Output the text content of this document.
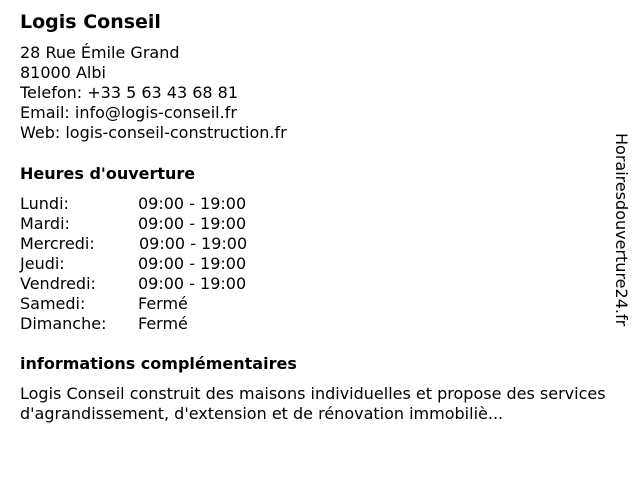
Logis Conseil
28 Rue Émile Grand
81000 Albi
Telefon: +33 5 63 43 68 81
Email: info@logis-conseil.fr
Web: logis-conseil-construction.fr
Heures d'ouverture
Lundi:	09:00 - 19:00
Mardi:	09:00 - 19:00
Mercredi:	09:00 - 19:00
Jeudi:	09:00 - 19:00
Vendredi:	09:00 - 19:00
Samedi:	Fermé
Dimanche: Fermé
informations complémentaires
Logis Conseil construit des maisons individuelles et propose des services d'agrandissement, d'extension et de rénovation immobiliè...
Horairesdouverture24.fr
